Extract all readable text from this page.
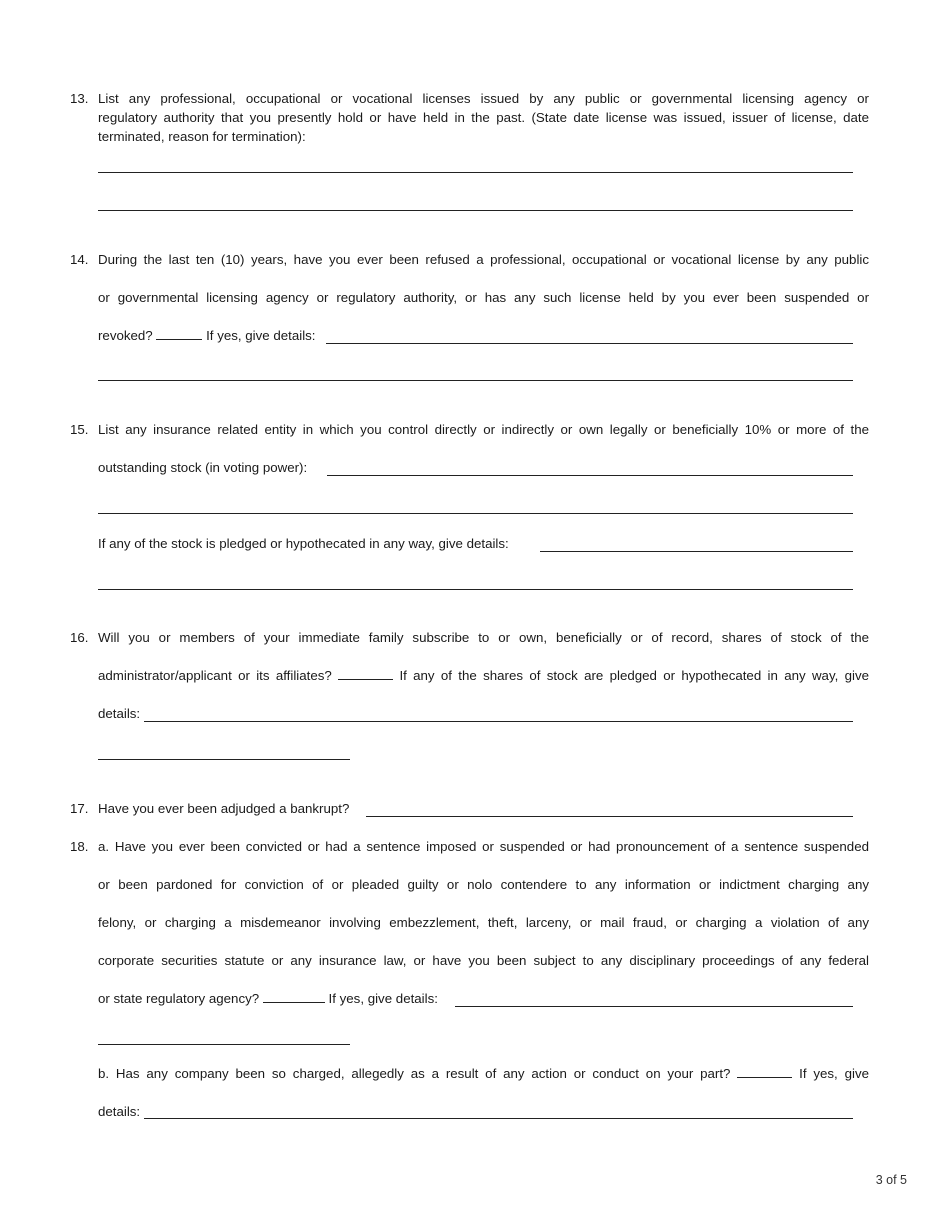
13. List any professional, occupational or vocational licenses issued by any public or governmental licensing agency or
regulatory authority that you presently hold or have held in the past. (State date license was issued, issuer of license, date
terminated, reason for termination):
14. During the last ten (10) years, have you ever been refused a professional, occupational or vocational license by any public
or governmental licensing agency or regulatory authority, or has any such license held by you ever been suspended or
revoked?	If yes, give details:
15. List any insurance related entity in which you control directly or indirectly or own legally or beneficially 10% or more of the
outstanding stock (in voting power):
If any of the stock is pledged or hypothecated in any way, give details:
16. Will you or members of your immediate family subscribe to or own, beneficially or of record, shares of stock of the
administrator/applicant or its affiliates?	If any of the shares of stock are pledged or hypothecated in any way, give
details:
17. Have you ever been adjudged a bankrupt?
18. a. Have you ever been convicted or had a sentence imposed or suspended or had pronouncement of a sentence suspended
or been pardoned for conviction of or pleaded guilty or nolo contendere to any information or indictment charging any
felony, or charging a misdemeanor involving embezzlement, theft, larceny, or mail fraud, or charging a violation of any
corporate securities statute or any insurance law, or have you been subject to any disciplinary proceedings of any federal
or state regulatory agency?	If yes, give details:
b. Has any company been so charged, allegedly as a result of any action or conduct on your part?	If yes, give
details:
3 of 5
